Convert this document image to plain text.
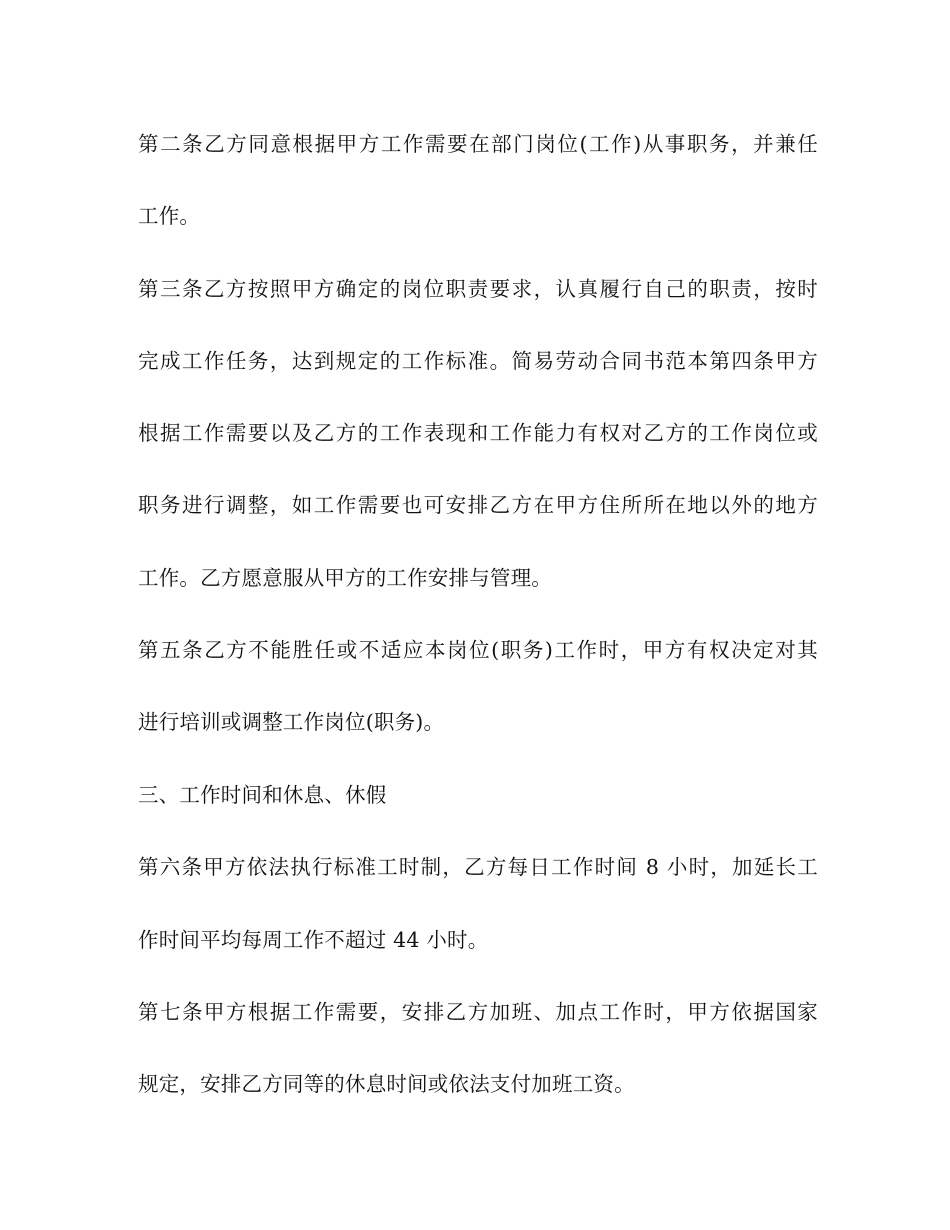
第二条乙方同意根据甲方工作需要在部门岗位(工作)从事职务，并兼任
工作。
第三条乙方按照甲方确定的岗位职责要求，认真履行自己的职责，按时
完成工作任务，达到规定的工作标准。简易劳动合同书范本第四条甲方
根据工作需要以及乙方的工作表现和工作能力有权对乙方的工作岗位或
职务进行调整，如工作需要也可安排乙方在甲方住所所在地以外的地方
工作。乙方愿意服从甲方的工作安排与管理。
第五条乙方不能胜任或不适应本岗位(职务)工作时，甲方有权决定对其
进行培训或调整工作岗位(职务)。
三、工作时间和休息、休假
第六条甲方依法执行标准工时制，乙方每日工作时间 8 小时，加延长工
作时间平均每周工作不超过 44 小时。
第七条甲方根据工作需要，安排乙方加班、加点工作时，甲方依据国家
规定，安排乙方同等的休息时间或依法支付加班工资。
